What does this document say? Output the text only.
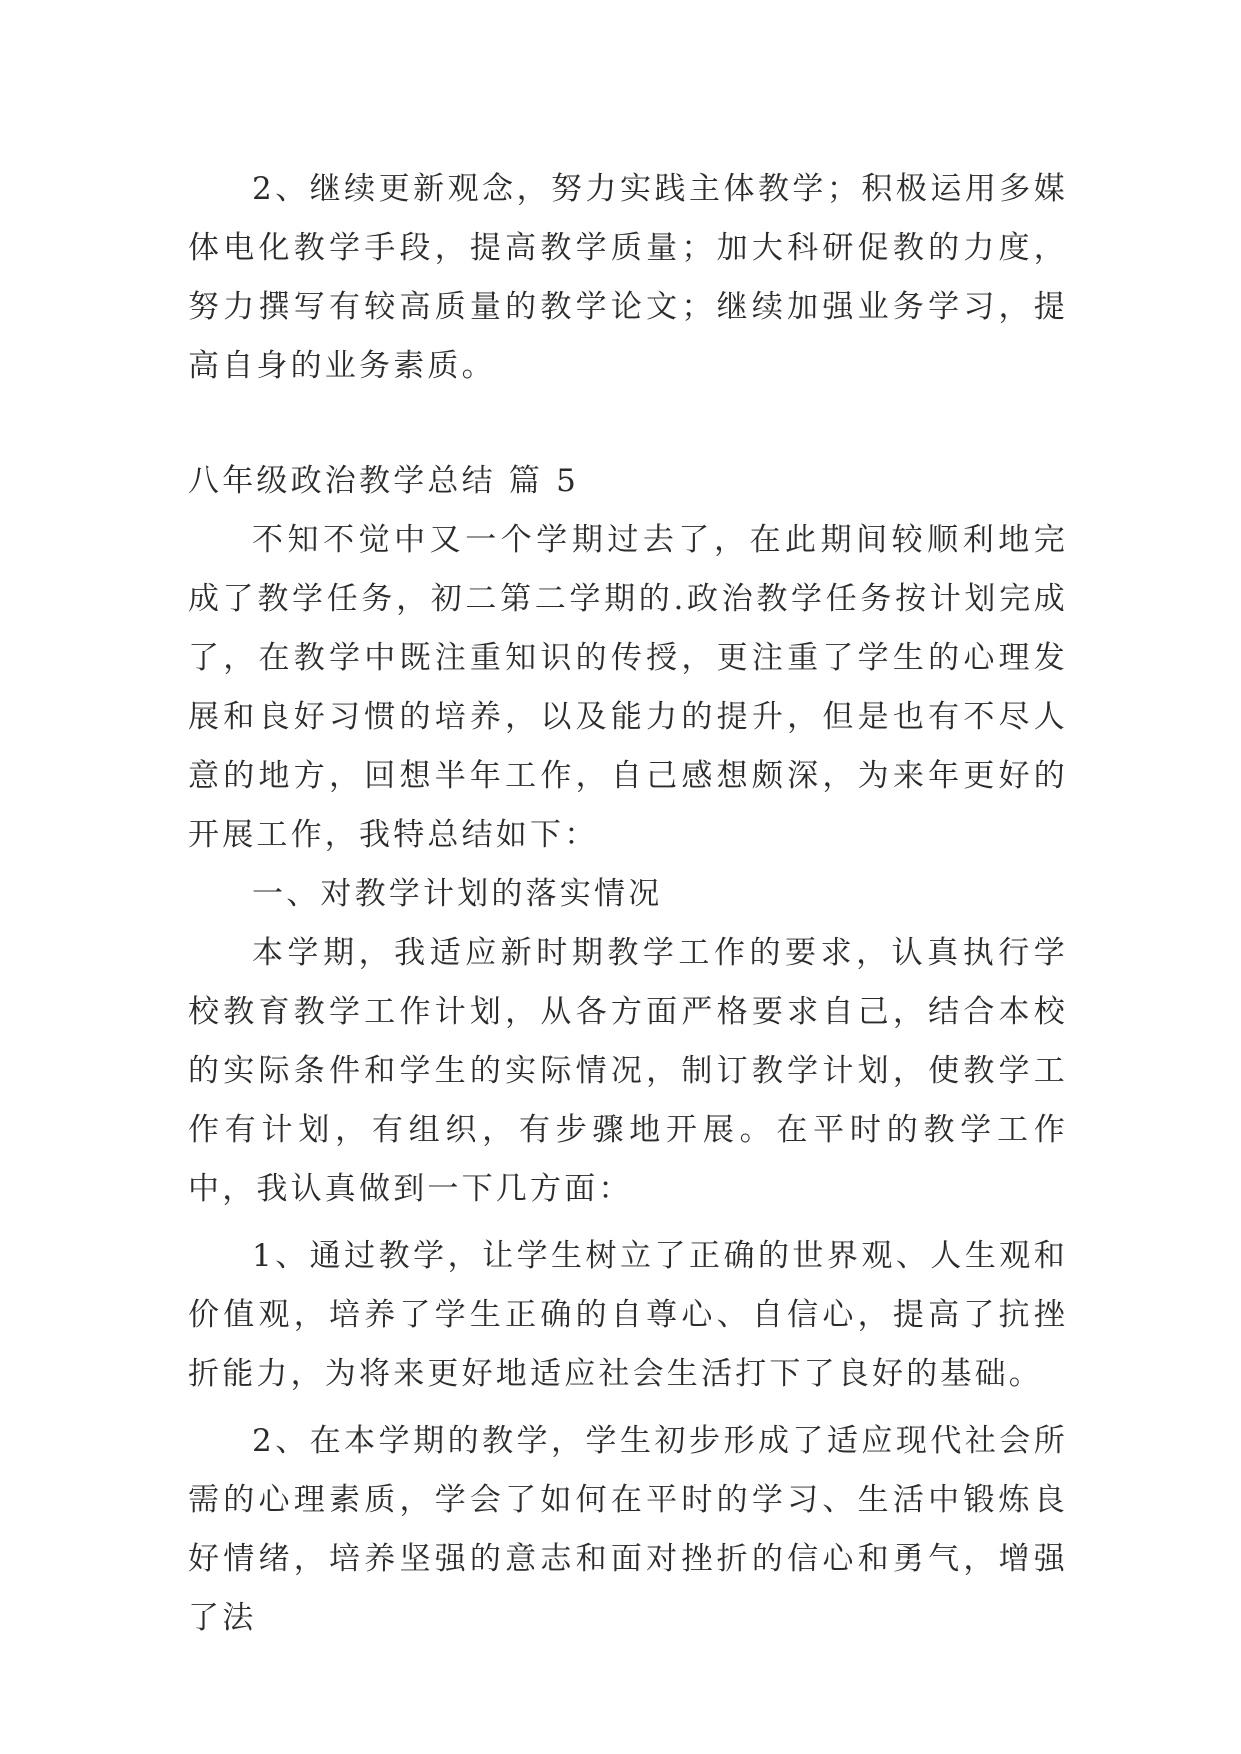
2、继续更新观念，努力实践主体教学；积极运用多媒体电化教学手段，提高教学质量；加大科研促教的力度，努力撰写有较高质量的教学论文；继续加强业务学习，提高自身的业务素质。

八年级政治教学总结 篇 5

不知不觉中又一个学期过去了，在此期间较顺利地完成了教学任务，初二第二学期的.政治教学任务按计划完成了，在教学中既注重知识的传授，更注重了学生的心理发展和良好习惯的培养，以及能力的提升，但是也有不尽人意的地方，回想半年工作，自己感想颇深，为来年更好的开展工作，我特总结如下：

一、对教学计划的落实情况

本学期，我适应新时期教学工作的要求，认真执行学校教育教学工作计划，从各方面严格要求自己，结合本校的实际条件和学生的实际情况，制订教学计划，使教学工作有计划，有组织，有步骤地开展。在平时的教学工作中，我认真做到一下几方面：

1、通过教学，让学生树立了正确的世界观、人生观和价值观，培养了学生正确的自尊心、自信心，提高了抗挫折能力，为将来更好地适应社会生活打下了良好的基础。

2、在本学期的教学，学生初步形成了适应现代社会所需的心理素质，学会了如何在平时的学习、生活中锻炼良好情绪，培养坚强的意志和面对挫折的信心和勇气，增强了法
